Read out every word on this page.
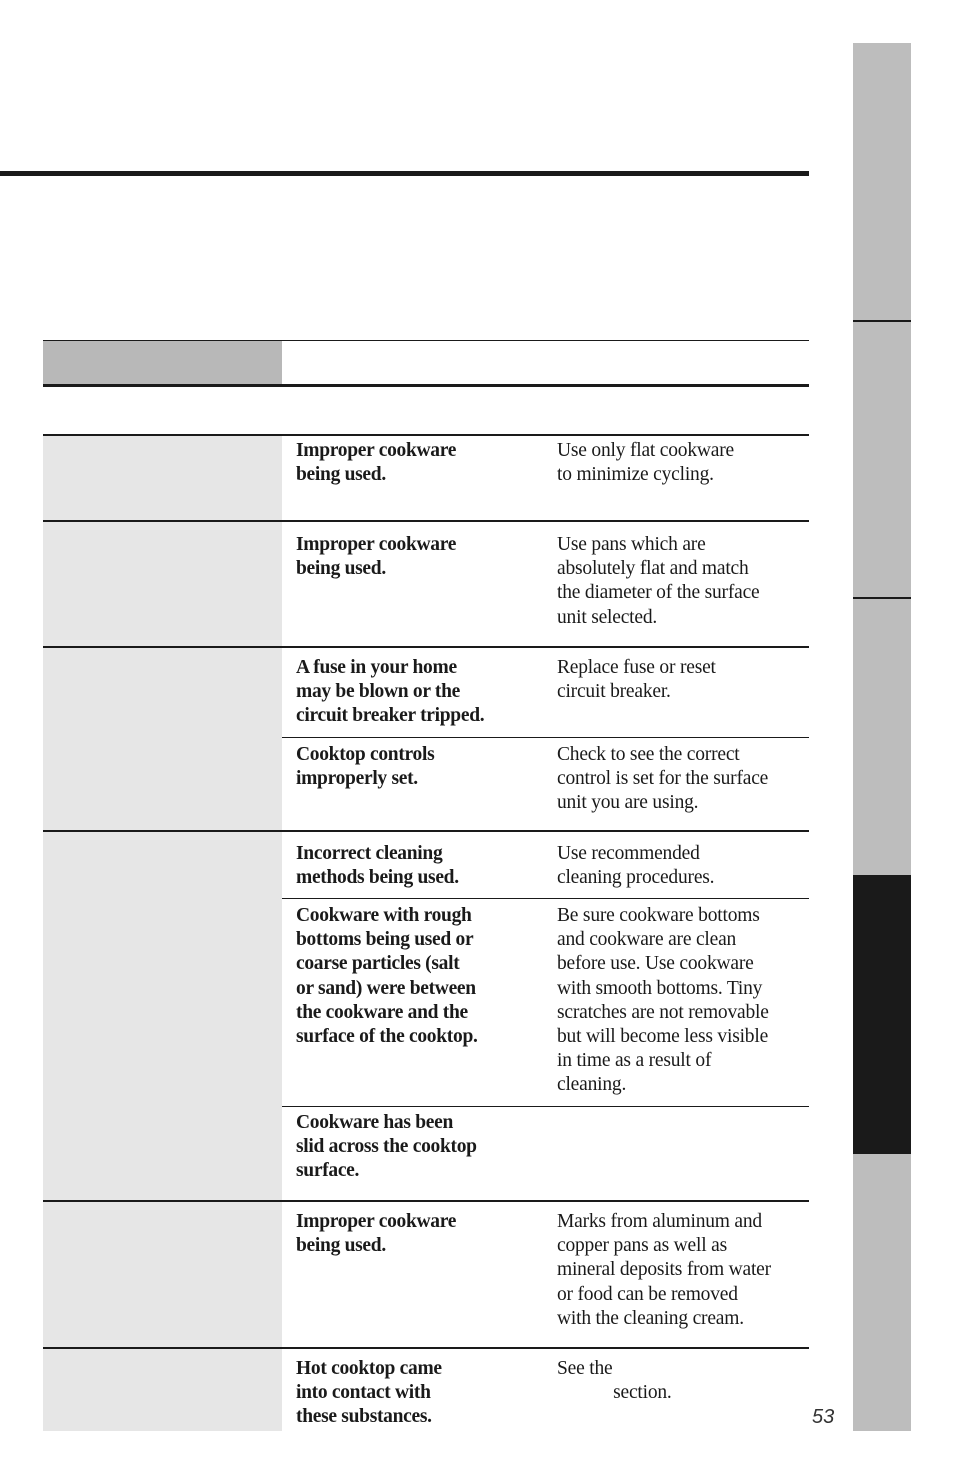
Improper cookware
being used.
Use only flat cookware
to minimize cycling.
Improper cookware
being used.
Use pans which are
absolutely flat and match
the diameter of the surface
unit selected.
A fuse in your home
may be blown or the
circuit breaker tripped.
Replace fuse or reset
circuit breaker.
Cooktop controls
improperly set.
Check to see the correct
control is set for the surface
unit you are using.
Incorrect cleaning
methods being used.
Use recommended
cleaning procedures.
Cookware with rough
bottoms being used or
coarse particles (salt
or sand) were between
the cookware and the
surface of the cooktop.
Be sure cookware bottoms
and cookware are clean
before use. Use cookware
with smooth bottoms. Tiny
scratches are not removable
but will become less visible
in time as a result of
cleaning.
Cookware has been
slid across the cooktop
surface.
Improper cookware
being used.
Marks from aluminum and
copper pans as well as
mineral deposits from water
or food can be removed
with the cleaning cream.
Hot cooktop came
into contact with
these substances.
See the
section.
53
